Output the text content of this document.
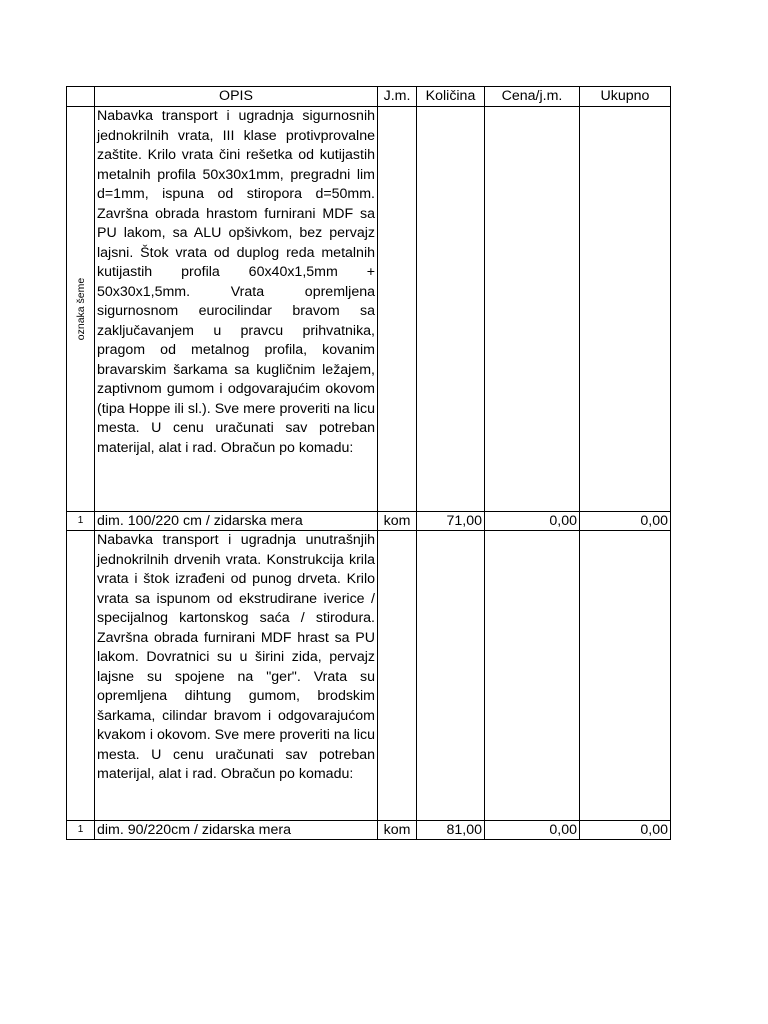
	OPIS	J.m.	Količina	Cena/j.m.	Ukupno

oznaka šeme	Nabavka transport i ugradnja sigurnosnih jednokrilnih vrata, III klase protivprovalne zaštite. Krilo vrata čini rešetka od kutijastih metalnih profila 50x30x1mm, pregradni lim d=1mm, ispuna od stiropora d=50mm. Završna obrada hrastom furnirani MDF sa PU lakom, sa ALU opšivkom, bez pervajz lajsni. Štok vrata od duplog reda metalnih kutijastih profila 60x40x1,5mm + 50x30x1,5mm. Vrata opremljena sigurnosnom eurocilindar bravom sa zaključavanjem u pravcu prihvatnika, pragom od metalnog profila, kovanim bravarskim šarkama sa kugličnim ležajem, zaptivnom gumom i odgovarajućim okovom (tipa Hoppe ili sl.). Sve mere proveriti na licu mesta. U cenu uračunati sav potreban materijal, alat i rad. Obračun po komadu:				
1	dim. 100/220 cm / zidarska mera	kom	71,00	0,00	0,00
	Nabavka transport i ugradnja unutrašnjih jednokrilnih drvenih vrata. Konstrukcija krila vrata i štok izrađeni od punog drveta. Krilo vrata sa ispunom od ekstrudirane iverice / specijalnog kartonskog saća / stirodura. Završna obrada furnirani MDF hrast sa PU lakom. Dovratnici su u širini zida, pervajz lajsne su spojene na "ger". Vrata su opremljena dihtung gumom, brodskim šarkama, cilindar bravom i odgovarajućom kvakom i okovom. Sve mere proveriti na licu mesta. U cenu uračunati sav potreban materijal, alat i rad. Obračun po komadu:				
1	dim. 90/220cm / zidarska mera	kom	81,00	0,00	0,00
